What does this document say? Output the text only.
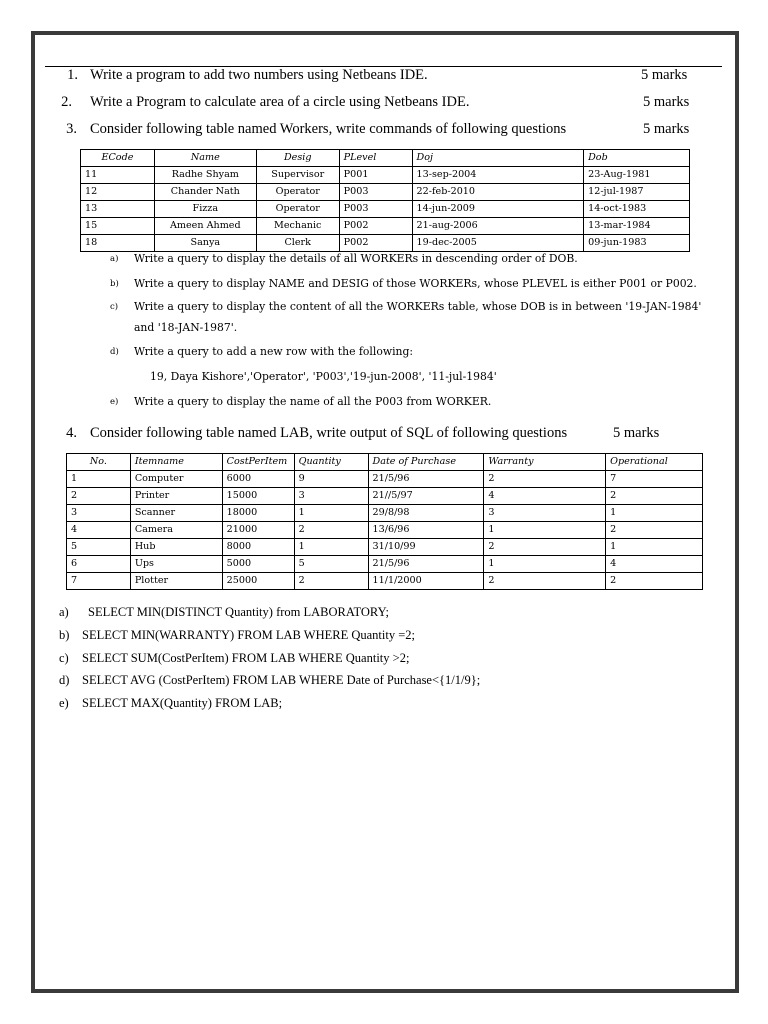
1. Write a program to add two numbers using Netbeans IDE.	5 marks
2. Write a Program to calculate area of a circle using Netbeans IDE.	5 marks
3. Consider following table named Workers, write commands of following questions	5 marks
ECode	Name	Desig	PLevel	Doj	Dob
11	Radhe Shyam	Supervisor	P001	13-sep-2004	23-Aug-1981
12	Chander Nath	Operator	P003	22-feb-2010	12-jul-1987
13	Fizza	Operator	P003	14-jun-2009	14-oct-1983
15	Ameen Ahmed	Mechanic	P002	21-aug-2006	13-mar-1984
18	Sanya	Clerk	P002	19-dec-2005	09-jun-1983
a) Write a query to display the details of all WORKERs in descending order of DOB.
b) Write a query to display NAME and DESIG of those WORKERs, whose PLEVEL is either P001 or P002.
c) Write a query to display the content of all the WORKERs table, whose DOB is in between '19-JAN-1984'
and '18-JAN-1987'.
d) Write a query to add a new row with the following:
19, Daya Kishore','Operator', 'P003','19-jun-2008', '11-jul-1984'
e) Write a query to display the name of all the P003 from WORKER.
4. Consider following table named LAB, write output of SQL of following questions	5 marks
No.	Itemname	CostPerItem	Quantity	Date of Purchase	Warranty	Operational
1	Computer	6000	9	21/5/96	2	7
2	Printer	15000	3	21//5/97	4	2
3	Scanner	18000	1	29/8/98	3	1
4	Camera	21000	2	13/6/96	1	2
5	Hub	8000	1	31/10/99	2	1
6	Ups	5000	5	21/5/96	1	4
7	Plotter	25000	2	11/1/2000	2	2
a) SELECT MIN(DISTINCT Quantity) from LABORATORY;
b) SELECT MIN(WARRANTY) FROM LAB WHERE Quantity =2;
c) SELECT SUM(CostPerItem) FROM LAB WHERE Quantity >2;
d) SELECT AVG (CostPerItem) FROM LAB WHERE Date of Purchase<{1/1/9};
e) SELECT MAX(Quantity) FROM LAB;
